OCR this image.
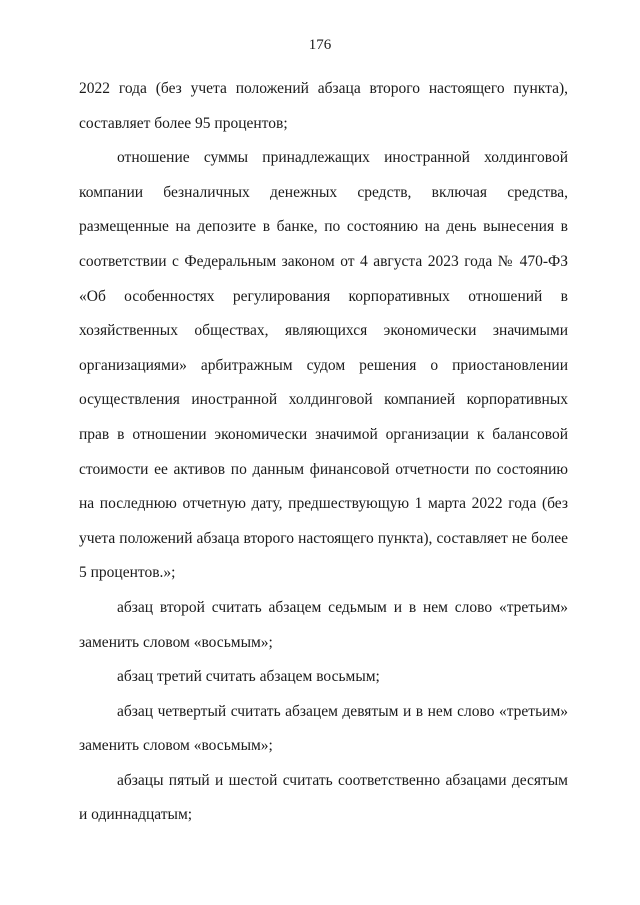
176

2022 года (без учета положений абзаца второго настоящего пункта), составляет более 95 процентов;

отношение суммы принадлежащих иностранной холдинговой компании безналичных денежных средств, включая средства, размещенные на депозите в банке, по состоянию на день вынесения в соответствии с Федеральным законом от 4 августа 2023 года № 470-ФЗ «Об особенностях регулирования корпоративных отношений в хозяйственных обществах, являющихся экономически значимыми организациями» арбитражным судом решения о приостановлении осуществления иностранной холдинговой компанией корпоративных прав в отношении экономически значимой организации к балансовой стоимости ее активов по данным финансовой отчетности по состоянию на последнюю отчетную дату, предшествующую 1 марта 2022 года (без учета положений абзаца второго настоящего пункта), составляет не более 5 процентов.»;

абзац второй считать абзацем седьмым и в нем слово «третьим» заменить словом «восьмым»;

абзац третий считать абзацем восьмым;

абзац четвертый считать абзацем девятым и в нем слово «третьим» заменить словом «восьмым»;

абзацы пятый и шестой считать соответственно абзацами десятым и одиннадцатым;
